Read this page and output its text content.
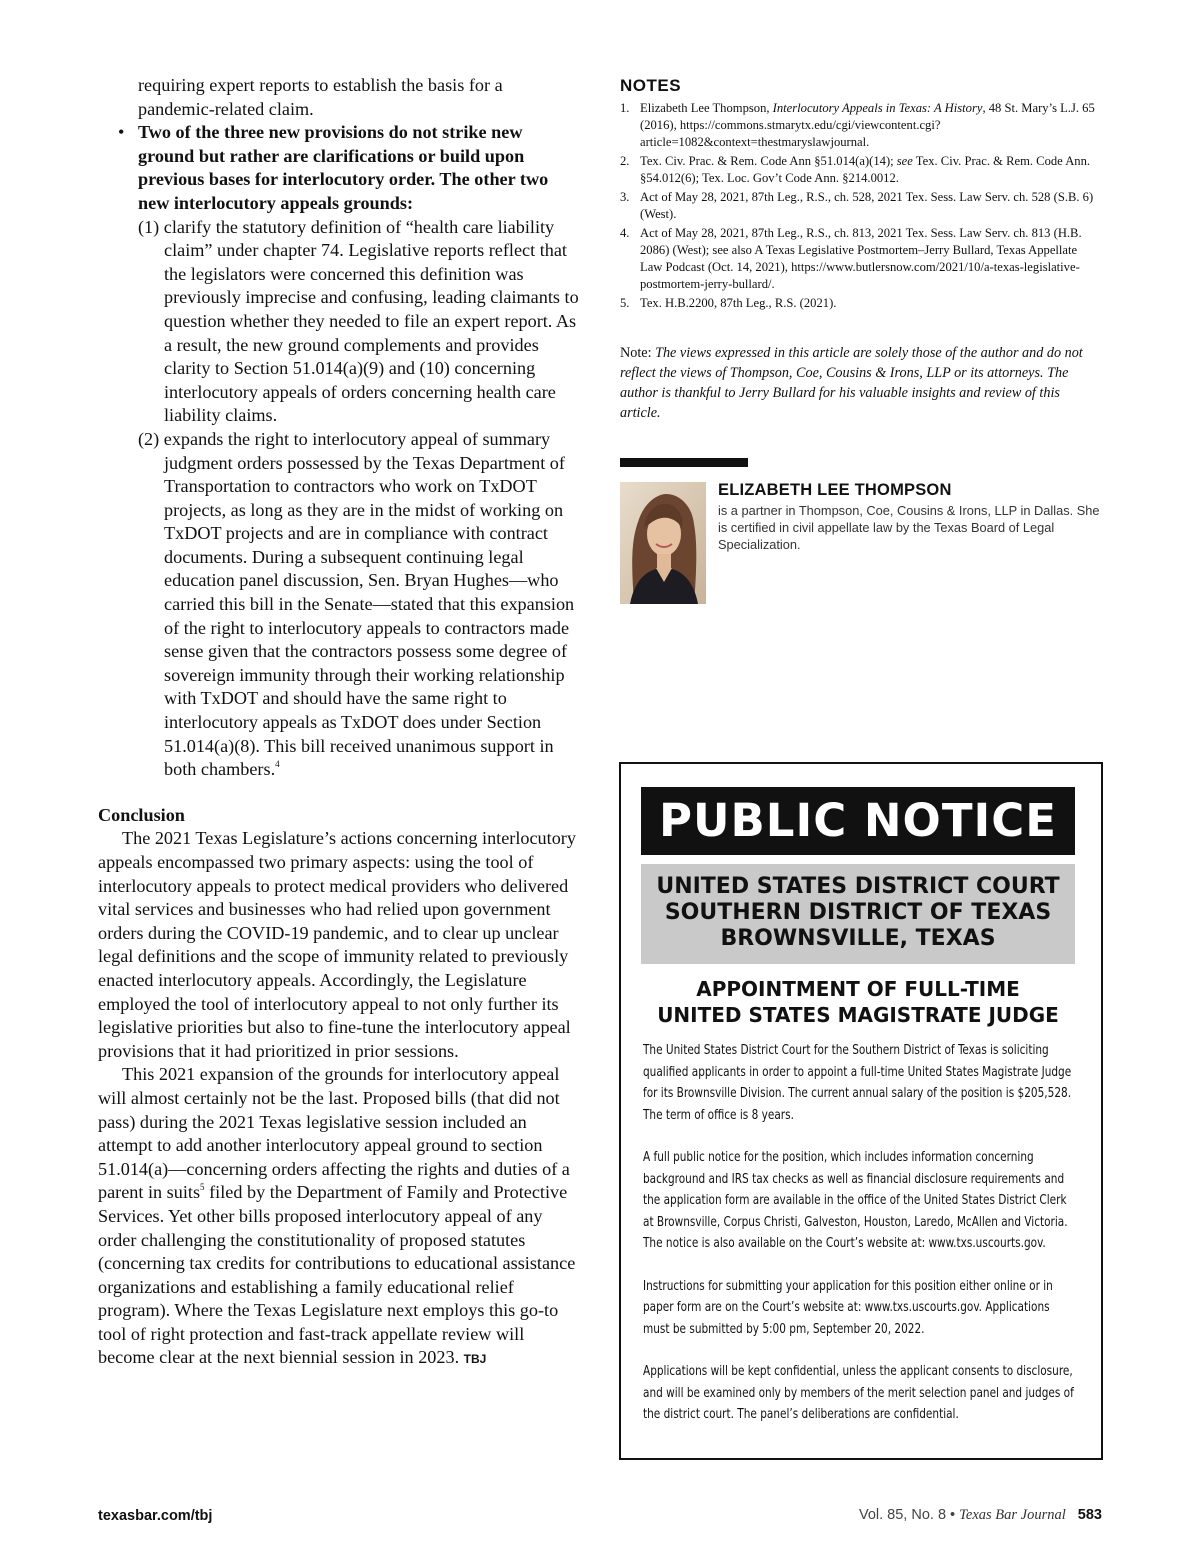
requiring expert reports to establish the basis for a pandemic-related claim.
• Two of the three new provisions do not strike new ground but rather are clarifications or build upon previous bases for interlocutory order. The other two new interlocutory appeals grounds:
(1) clarify the statutory definition of “health care liability claim” under chapter 74. Legislative reports reflect that the legislators were concerned this definition was previously imprecise and confusing, leading claimants to question whether they needed to file an expert report. As a result, the new ground complements and provides clarity to Section 51.014(a)(9) and (10) concerning interlocutory appeals of orders concerning health care liability claims.
(2) expands the right to interlocutory appeal of summary judgment orders possessed by the Texas Department of Transportation to contractors who work on TxDOT projects, as long as they are in the midst of working on TxDOT projects and are in compliance with contract documents. During a subsequent continuing legal education panel discussion, Sen. Bryan Hughes—who carried this bill in the Senate—stated that this expansion of the right to interlocutory appeals to contractors made sense given that the contractors possess some degree of sovereign immunity through their working relationship with TxDOT and should have the same right to interlocutory appeals as TxDOT does under Section 51.014(a)(8). This bill received unanimous support in both chambers.$^4$
Conclusion
The 2021 Texas Legislature’s actions concerning interlocutory appeals encompassed two primary aspects: using the tool of interlocutory appeals to protect medical providers who delivered vital services and businesses who had relied upon government orders during the COVID-19 pandemic, and to clear up unclear legal definitions and the scope of immunity related to previously enacted interlocutory appeals. Accordingly, the Legislature employed the tool of interlocutory appeal to not only further its legislative priorities but also to fine-tune the interlocutory appeal provisions that it had prioritized in prior sessions.
This 2021 expansion of the grounds for interlocutory appeal will almost certainly not be the last. Proposed bills (that did not pass) during the 2021 Texas legislative session included an attempt to add another interlocutory appeal ground to section 51.014(a)—concerning orders affecting the rights and duties of a parent in suits$^5$ filed by the Department of Family and Protective Services. Yet other bills proposed interlocutory appeal of any order challenging the constitutionality of proposed statutes (concerning tax credits for contributions to educational assistance organizations and establishing a family educational relief program). Where the Texas Legislature next employs this go-to tool of right protection and fast-track appellate review will become clear at the next biennial session in 2023. TBJ
NOTES
1. Elizabeth Lee Thompson, Interlocutory Appeals in Texas: A History, 48 St. Mary’s L.J. 65 (2016), https://commons.stmarytx.edu/cgi/viewcontent.cgi?article=1082&context=thestmaryslawjournal.
2. Tex. Civ. Prac. & Rem. Code Ann §51.014(a)(14); see Tex. Civ. Prac. & Rem. Code Ann. §54.012(6); Tex. Loc. Gov’t Code Ann. §214.0012.
3. Act of May 28, 2021, 87th Leg., R.S., ch. 528, 2021 Tex. Sess. Law Serv. ch. 528 (S.B. 6) (West).
4. Act of May 28, 2021, 87th Leg., R.S., ch. 813, 2021 Tex. Sess. Law Serv. ch. 813 (H.B. 2086) (West); see also A Texas Legislative Postmortem–Jerry Bullard, Texas Appellate Law Podcast (Oct. 14, 2021), https://www.butlersnow.com/2021/10/a-texas-legislative-postmortem-jerry-bullard/.
5. Tex. H.B.2200, 87th Leg., R.S. (2021).
Note: The views expressed in this article are solely those of the author and do not reflect the views of Thompson, Coe, Cousins & Irons, LLP or its attorneys. The author is thankful to Jerry Bullard for his valuable insights and review of this article.
ELIZABETH LEE THOMPSON
is a partner in Thompson, Coe, Cousins & Irons, LLP in Dallas. She is certified in civil appellate law by the Texas Board of Legal Specialization.
PUBLIC NOTICE
UNITED STATES DISTRICT COURT
SOUTHERN DISTRICT OF TEXAS
BROWNSVILLE, TEXAS
APPOINTMENT OF FULL-TIME
UNITED STATES MAGISTRATE JUDGE

The United States District Court for the Southern District of Texas is soliciting qualified applicants in order to appoint a full-time United States Magistrate Judge for its Brownsville Division. The current annual salary of the position is $205,528. The term of office is 8 years.

A full public notice for the position, which includes information concerning background and IRS tax checks as well as financial disclosure requirements and the application form are available in the office of the United States District Clerk at Brownsville, Corpus Christi, Galveston, Houston, Laredo, McAllen and Victoria. The notice is also available on the Court’s website at: www.txs.uscourts.gov.

Instructions for submitting your application for this position either online or in paper form are on the Court’s website at: www.txs.uscourts.gov. Applications must be submitted by 5:00 pm, September 20, 2022.

Applications will be kept confidential, unless the applicant consents to disclosure, and will be examined only by members of the merit selection panel and judges of the district court. The panel’s deliberations are confidential.

texasbar.com/tbj	Vol. 85, No. 8 • Texas Bar Journal 583
